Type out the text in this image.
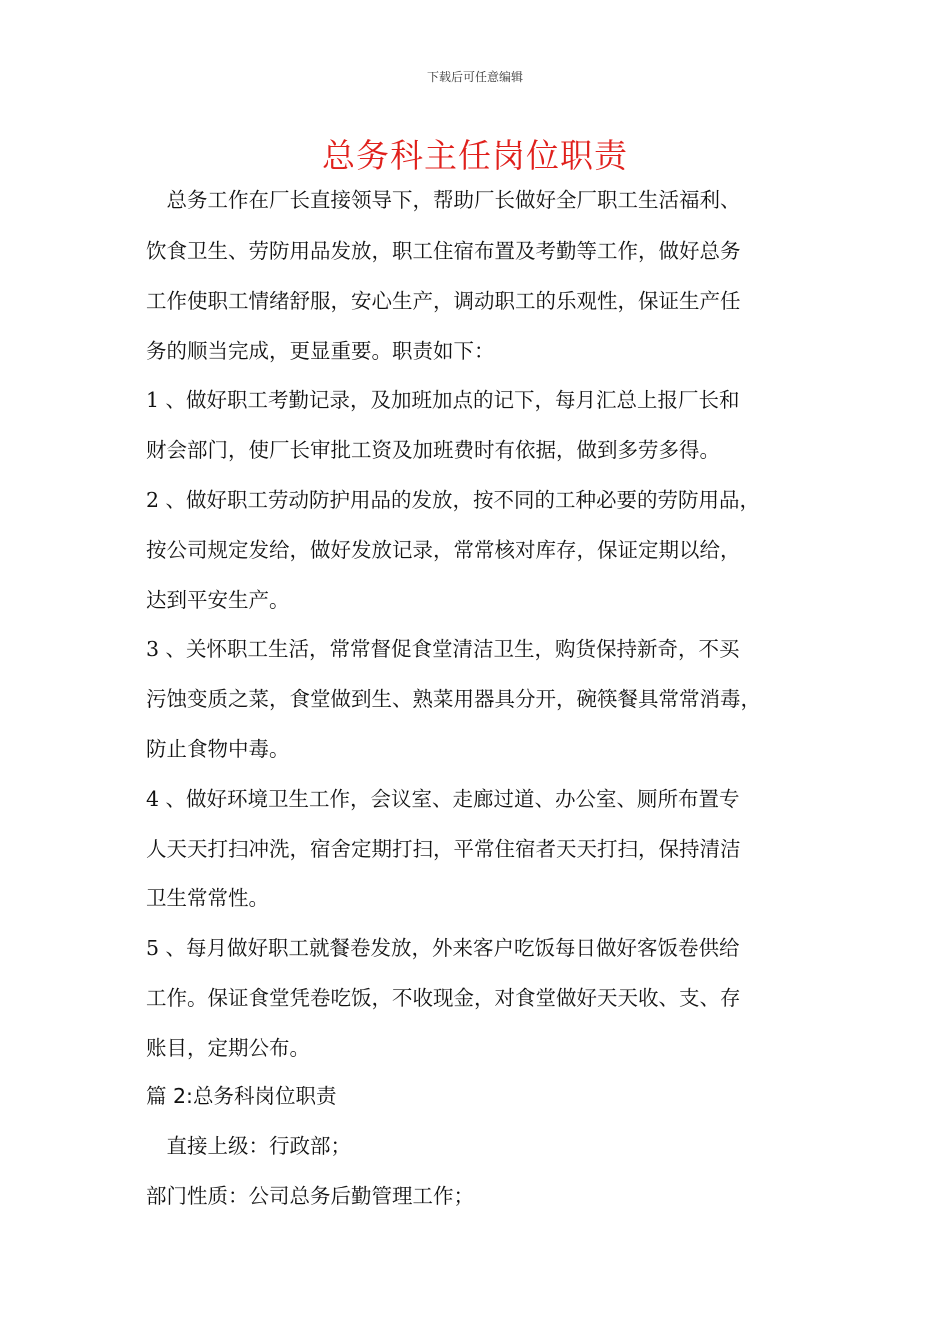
下载后可任意编辑
总务科主任岗位职责
　总务工作在厂长直接领导下，帮助厂长做好全厂职工生活福利、
饮食卫生、劳防用品发放，职工住宿布置及考勤等工作，做好总务
工作使职工情绪舒服，安心生产，调动职工的乐观性，保证生产任
务的顺当完成，更显重要。职责如下：
1 、做好职工考勤记录，及加班加点的记下，每月汇总上报厂长和
财会部门，使厂长审批工资及加班费时有依据，做到多劳多得。
2 、做好职工劳动防护用品的发放，按不同的工种必要的劳防用品，
按公司规定发给，做好发放记录，常常核对库存，保证定期以给，
达到平安生产。
3 、关怀职工生活，常常督促食堂清洁卫生，购货保持新奇，不买
污蚀变质之菜，食堂做到生、熟菜用器具分开，碗筷餐具常常消毒，
防止食物中毒。
4 、做好环境卫生工作，会议室、走廊过道、办公室、厕所布置专
人天天打扫冲洗，宿舍定期打扫，平常住宿者天天打扫，保持清洁
卫生常常性。
5 、每月做好职工就餐卷发放，外来客户吃饭每日做好客饭卷供给
工作。保证食堂凭卷吃饭，不收现金，对食堂做好天天收、支、存
账目，定期公布。
篇 2:总务科岗位职责
　直接上级：行政部；
部门性质：公司总务后勤管理工作；
